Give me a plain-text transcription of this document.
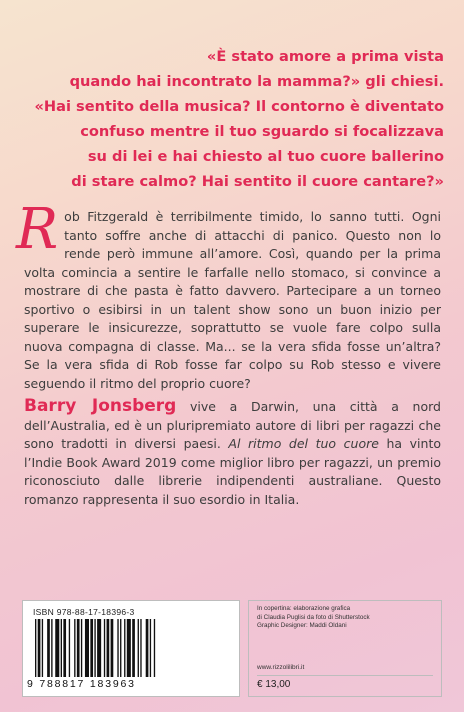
«È stato amore a prima vista
quando hai incontrato la mamma?» gli chiesi.
«Hai sentito della musica? Il contorno è diventato
confuso mentre il tuo sguardo si focalizzava
su di lei e hai chiesto al tuo cuore ballerino
di stare calmo? Hai sentito il cuore cantare?»

Rob Fitzgerald è terribilmente timido, lo sanno tutti. Ogni tanto soffre anche di attacchi di panico. Questo non lo rende però immune all’amore. Così, quando per la prima volta comincia a sentire le farfalle nello stomaco, si convince a mostrare di che pasta è fatto davvero. Partecipare a un torneo sportivo o esibirsi in un talent show sono un buon inizio per superare le insicurezze, soprattutto se vuole fare colpo sulla nuova compagna di classe. Ma... se la vera sfida fosse un’altra? Se la vera sfida di Rob fosse far colpo su Rob stesso e vivere seguendo il ritmo del proprio cuore?

Barry Jonsberg vive a Darwin, una città a nord dell’Australia, ed è un pluripremiato autore di libri per ragazzi che sono tradotti in diversi paesi. Al ritmo del tuo cuore ha vinto l’Indie Book Award 2019 come miglior libro per ragazzi, un premio riconosciuto dalle librerie indipendenti australiane. Questo romanzo rappresenta il suo esordio in Italia.

ISBN 978-88-17-18396-3
9 788817 183963
In copertina: elaborazione grafica
di Claudia Puglisi da foto di Shutterstock
Graphic Designer: Maddi Oldani
www.rizzolilibri.it
€ 13,00
